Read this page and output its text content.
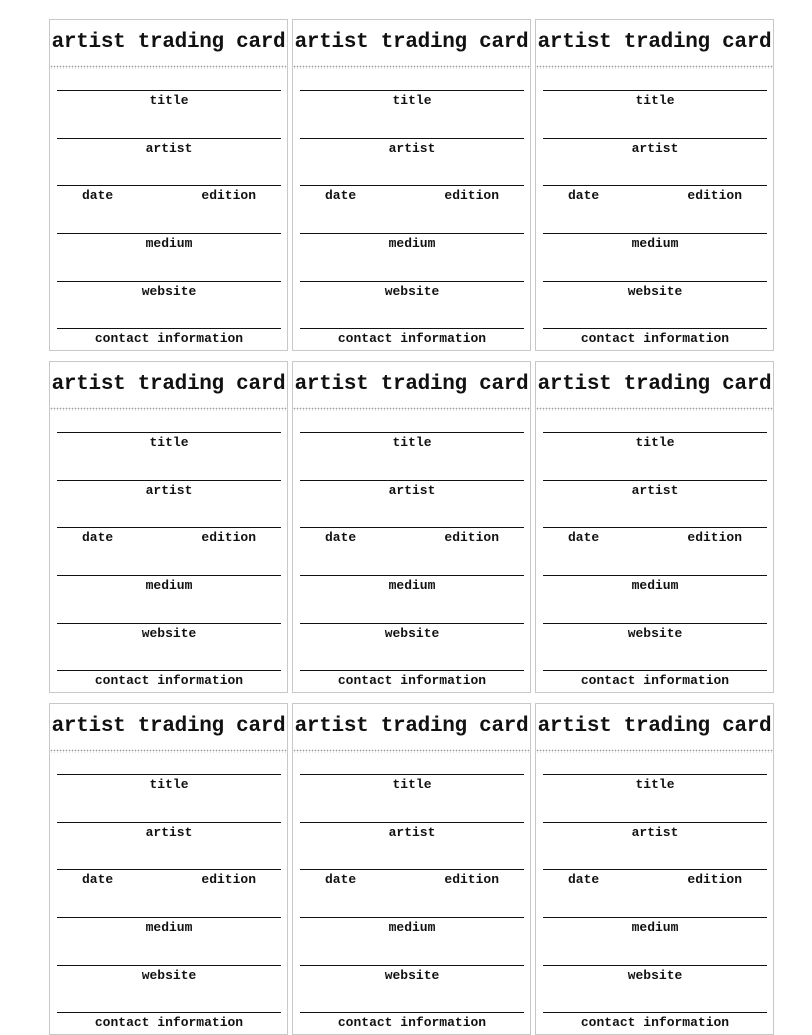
artist trading card
title
artist
date	edition
medium
website
contact information
artist trading card
title
artist
date	edition
medium
website
contact information
artist trading card
title
artist
date	edition
medium
website
contact information
artist trading card
title
artist
date	edition
medium
website
contact information
artist trading card
title
artist
date	edition
medium
website
contact information
artist trading card
title
artist
date	edition
medium
website
contact information
artist trading card
title
artist
date	edition
medium
website
contact information
artist trading card
title
artist
date	edition
medium
website
contact information
artist trading card
title
artist
date	edition
medium
website
contact information
